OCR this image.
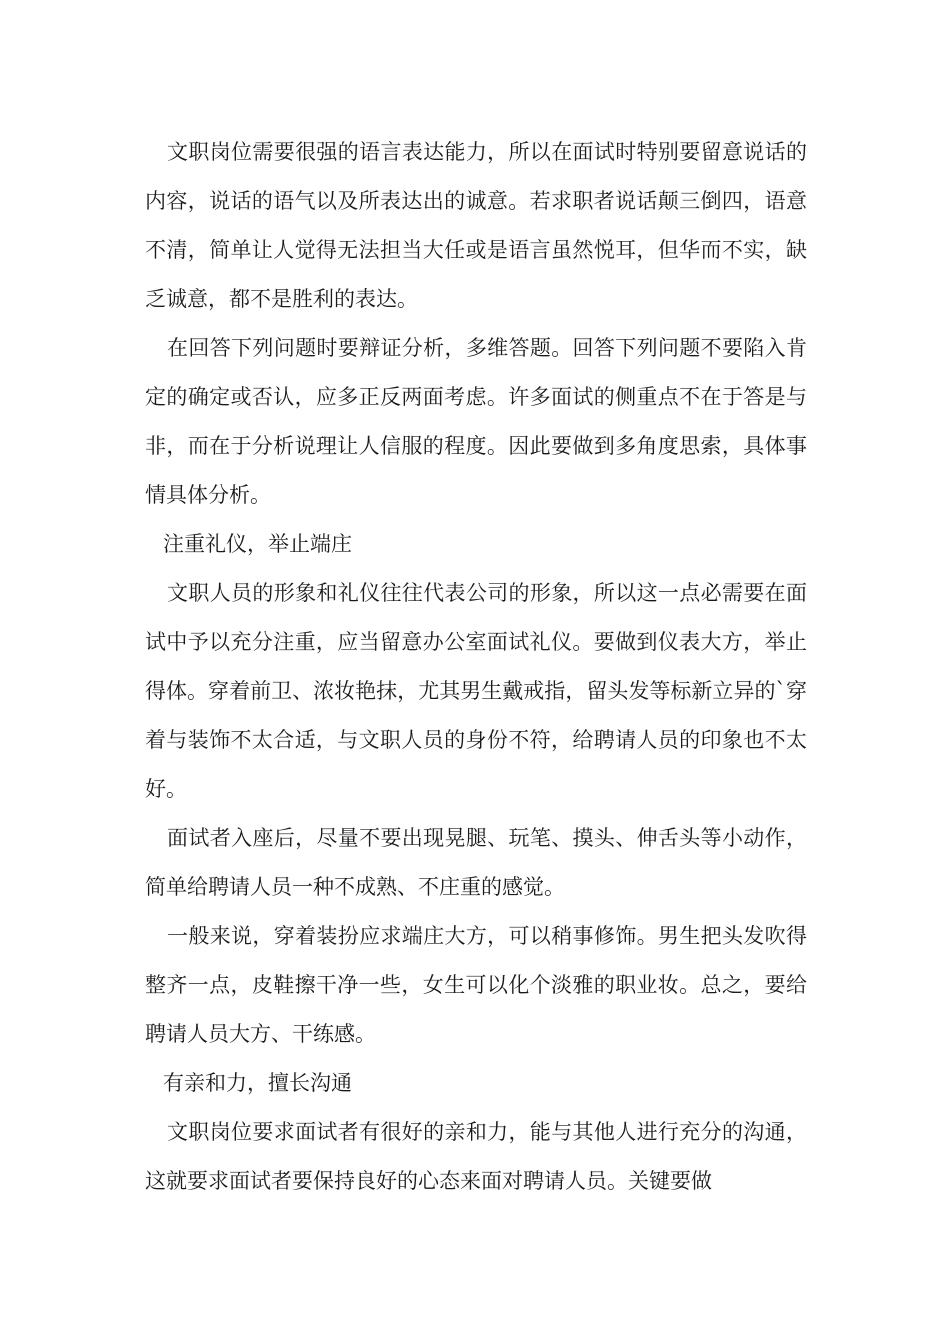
文职岗位需要很强的语言表达能力，所以在面试时特别要留意说话的内容，说话的语气以及所表达出的诚意。若求职者说话颠三倒四，语意不清，简单让人觉得无法担当大任或是语言虽然悦耳，但华而不实，缺乏诚意，都不是胜利的表达。

在回答下列问题时要辩证分析，多维答题。回答下列问题不要陷入肯定的确定或否认，应多正反两面考虑。许多面试的侧重点不在于答是与非，而在于分析说理让人信服的程度。因此要做到多角度思索，具体事情具体分析。

注重礼仪，举止端庄

文职人员的形象和礼仪往往代表公司的形象，所以这一点必需要在面试中予以充分注重，应当留意办公室面试礼仪。要做到仪表大方，举止得体。穿着前卫、浓妆艳抹，尤其男生戴戒指，留头发等标新立异的`穿着与装饰不太合适，与文职人员的身份不符，给聘请人员的印象也不太好。

面试者入座后，尽量不要出现晃腿、玩笔、摸头、伸舌头等小动作，简单给聘请人员一种不成熟、不庄重的感觉。

一般来说，穿着装扮应求端庄大方，可以稍事修饰。男生把头发吹得整齐一点，皮鞋擦干净一些，女生可以化个淡雅的职业妆。总之，要给聘请人员大方、干练感。

有亲和力，擅长沟通

文职岗位要求面试者有很好的亲和力，能与其他人进行充分的沟通，这就要求面试者要保持良好的心态来面对聘请人员。关键要做
